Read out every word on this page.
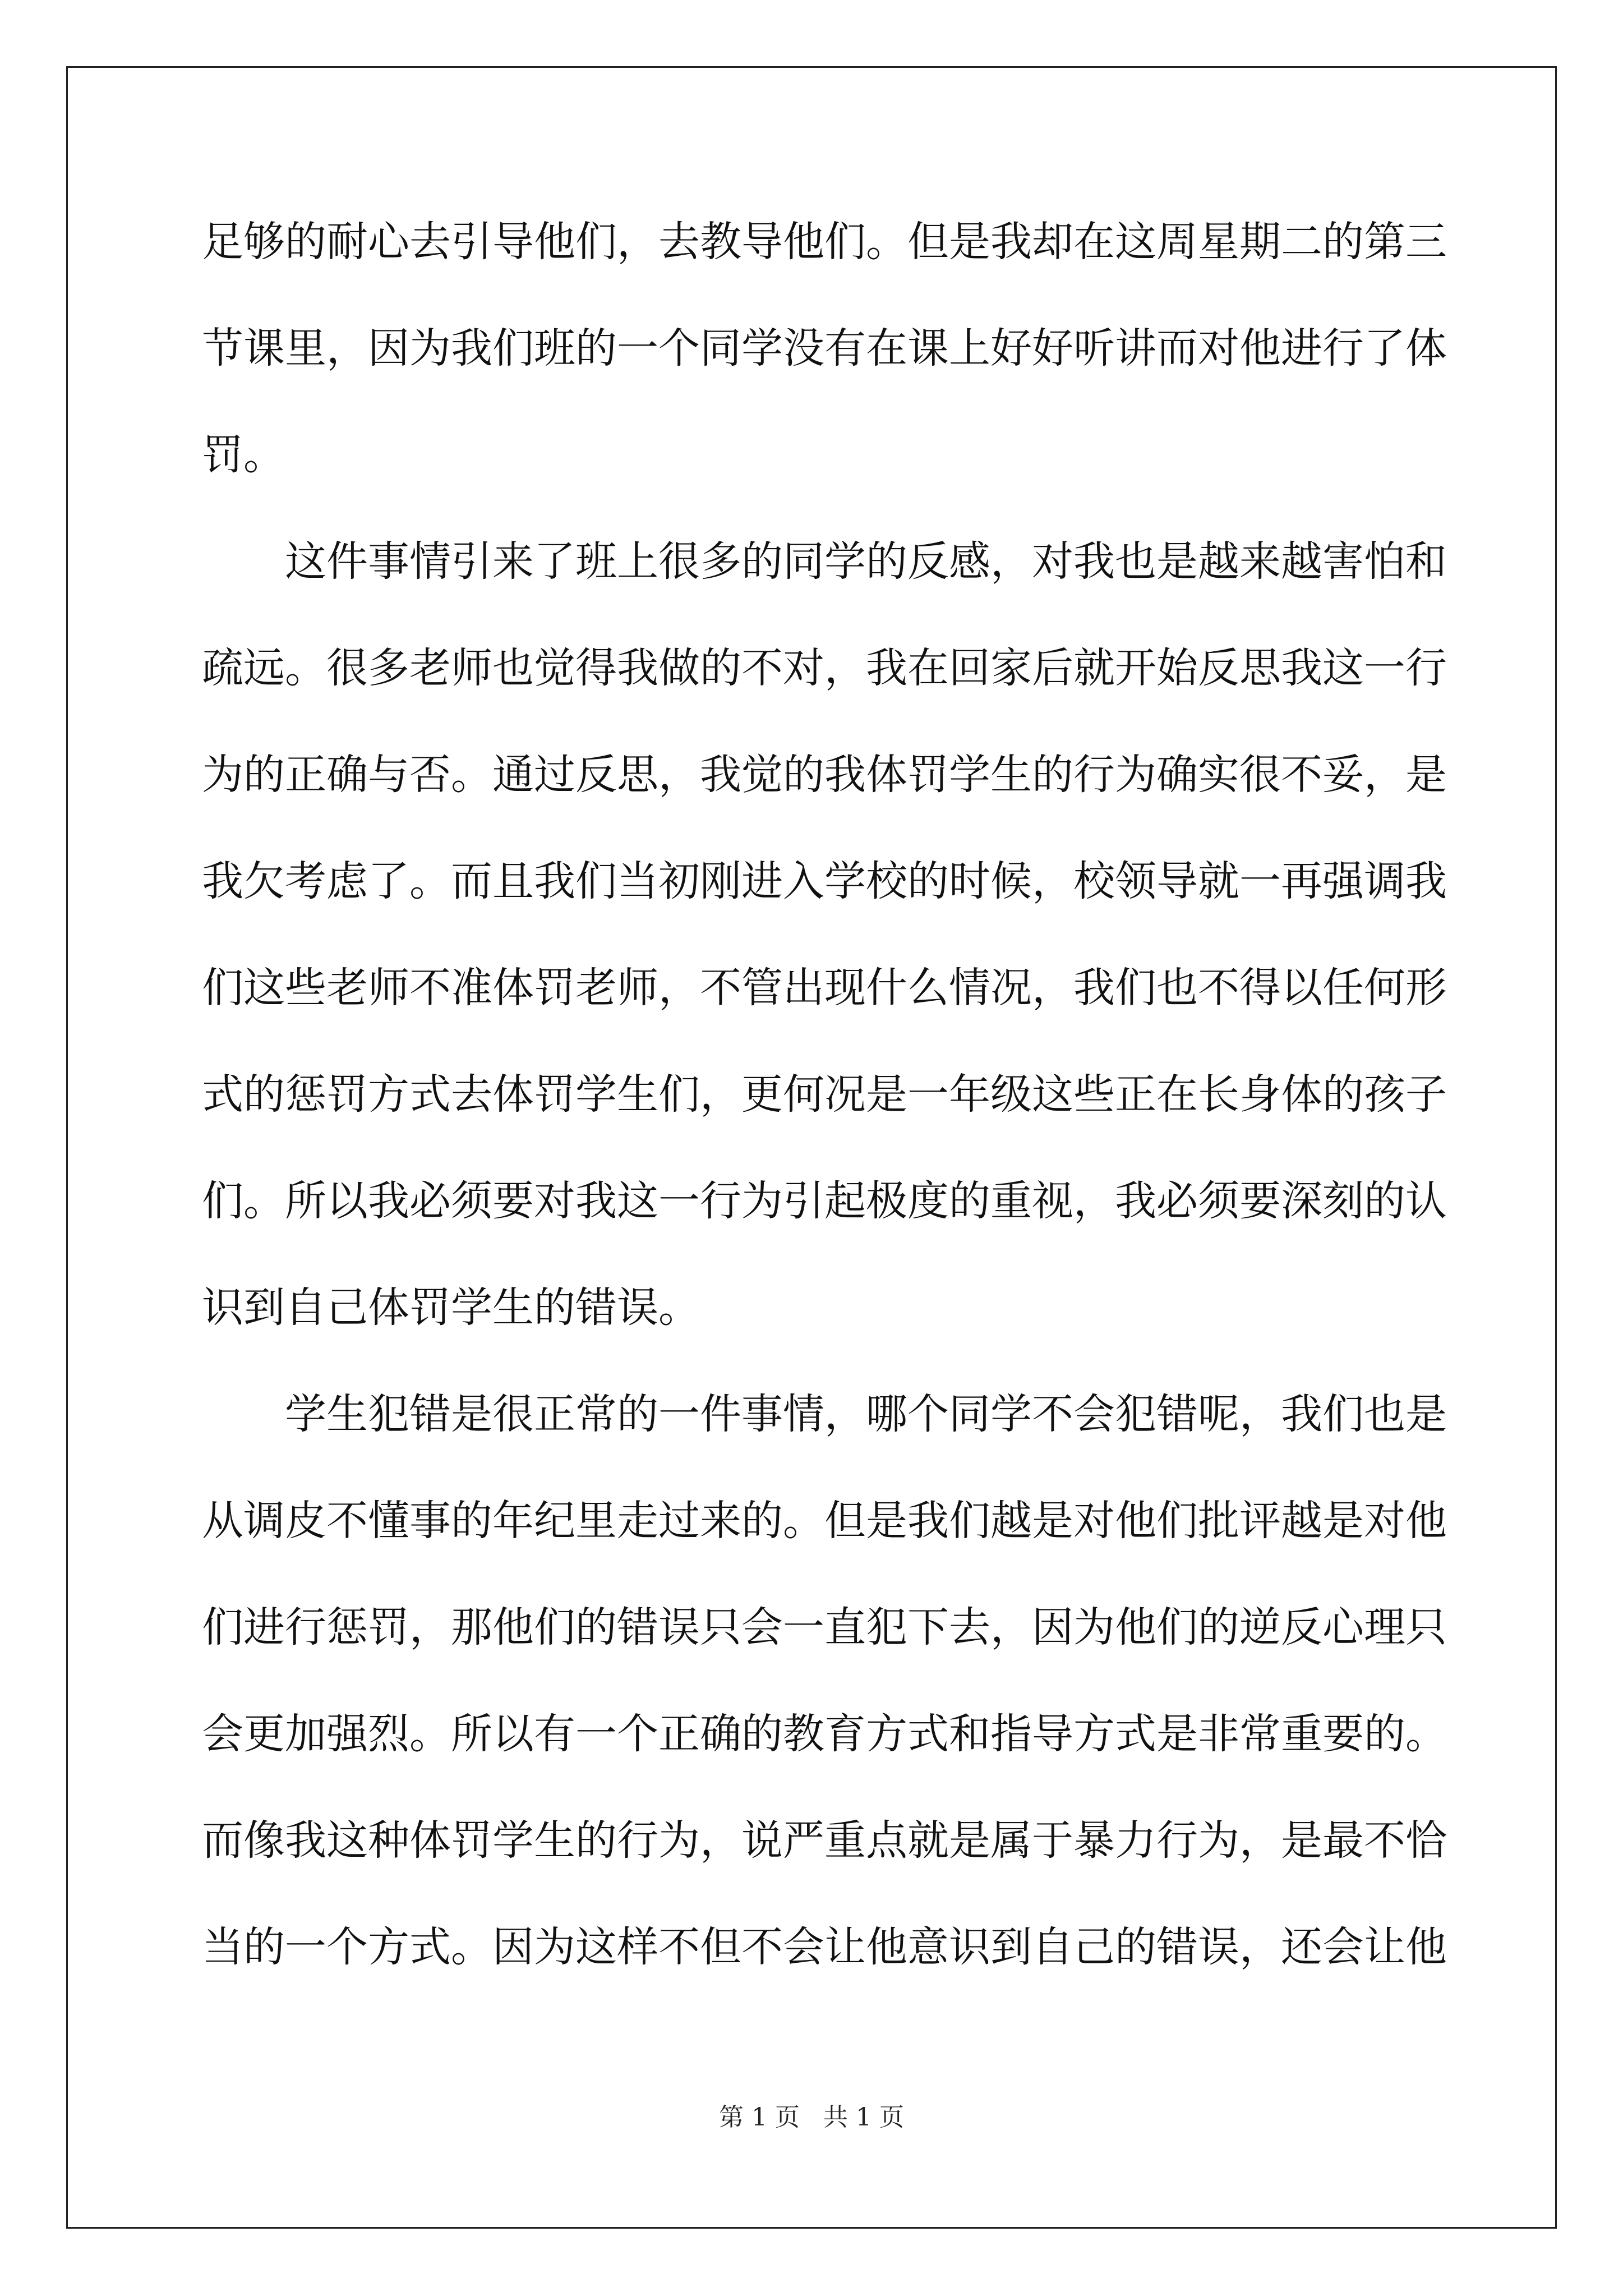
足够的耐心去引导他们，去教导他们。但是我却在这周星期二的第三
节课里，因为我们班的一个同学没有在课上好好听讲而对他进行了体
罚。
　　这件事情引来了班上很多的同学的反感，对我也是越来越害怕和
疏远。很多老师也觉得我做的不对，我在回家后就开始反思我这一行
为的正确与否。通过反思，我觉的我体罚学生的行为确实很不妥，是
我欠考虑了。而且我们当初刚进入学校的时候，校领导就一再强调我
们这些老师不准体罚老师，不管出现什么情况，我们也不得以任何形
式的惩罚方式去体罚学生们，更何况是一年级这些正在长身体的孩子
们。所以我必须要对我这一行为引起极度的重视，我必须要深刻的认
识到自己体罚学生的错误。
　　学生犯错是很正常的一件事情，哪个同学不会犯错呢，我们也是
从调皮不懂事的年纪里走过来的。但是我们越是对他们批评越是对他
们进行惩罚，那他们的错误只会一直犯下去，因为他们的逆反心理只
会更加强烈。所以有一个正确的教育方式和指导方式是非常重要的。
而像我这种体罚学生的行为，说严重点就是属于暴力行为，是最不恰
当的一个方式。因为这样不但不会让他意识到自己的错误，还会让他
第 1 页 共 1 页
